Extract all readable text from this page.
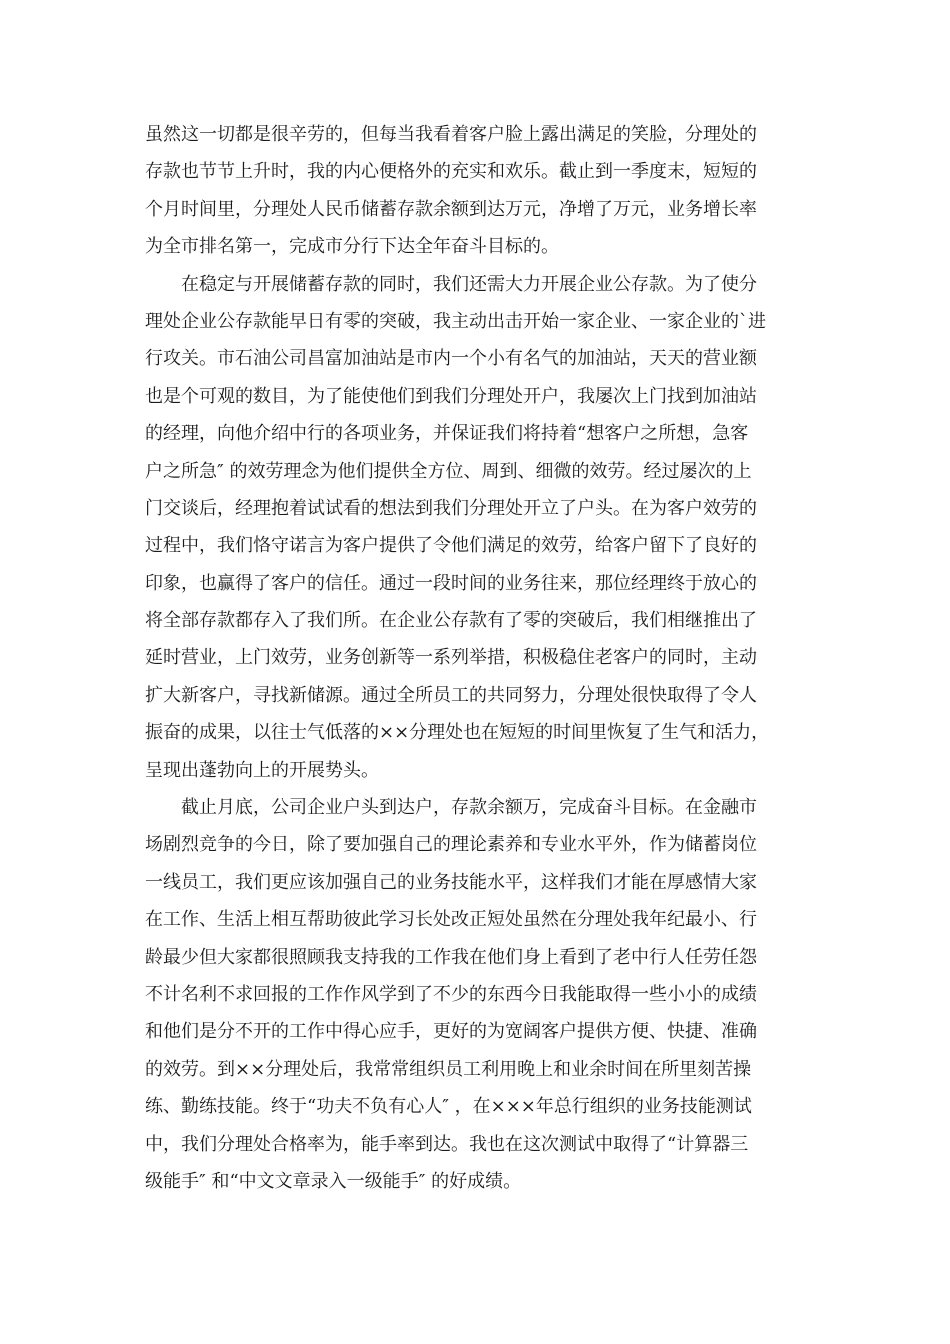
虽然这一切都是很辛劳的，但每当我看着客户脸上露出满足的笑脸，分理处的
存款也节节上升时，我的内心便格外的充实和欢乐。截止到一季度末，短短的
个月时间里，分理处人民币储蓄存款余额到达万元，净增了万元，业务增长率
为全市排名第一，完成市分行下达全年奋斗目标的。
在稳定与开展储蓄存款的同时，我们还需大力开展企业公存款。为了使分
理处企业公存款能早日有零的突破，我主动出击开始一家企业、一家企业的`进
行攻关。市石油公司昌富加油站是市内一个小有名气的加油站，天天的营业额
也是个可观的数目，为了能使他们到我们分理处开户，我屡次上门找到加油站
的经理，向他介绍中行的各项业务，并保证我们将持着“想客户之所想，急客
户之所急″ 的效劳理念为他们提供全方位、周到、细微的效劳。经过屡次的上
门交谈后，经理抱着试试看的想法到我们分理处开立了户头。在为客户效劳的
过程中，我们恪守诺言为客户提供了令他们满足的效劳，给客户留下了良好的
印象，也赢得了客户的信任。通过一段时间的业务往来，那位经理终于放心的
将全部存款都存入了我们所。在企业公存款有了零的突破后，我们相继推出了
延时营业，上门效劳，业务创新等一系列举措，积极稳住老客户的同时，主动
扩大新客户，寻找新储源。通过全所员工的共同努力，分理处很快取得了令人
振奋的成果，以往士气低落的××分理处也在短短的时间里恢复了生气和活力，
呈现出蓬勃向上的开展势头。
截止月底，公司企业户头到达户，存款余额万，完成奋斗目标。在金融市
场剧烈竞争的今日，除了要加强自己的理论素养和专业水平外，作为储蓄岗位
一线员工，我们更应该加强自己的业务技能水平，这样我们才能在厚感情大家
在工作、生活上相互帮助彼此学习长处改正短处虽然在分理处我年纪最小、行
龄最少但大家都很照顾我支持我的工作我在他们身上看到了老中行人任劳任怨
不计名利不求回报的工作作风学到了不少的东西今日我能取得一些小小的成绩
和他们是分不开的工作中得心应手，更好的为宽阔客户提供方便、快捷、准确
的效劳。到××分理处后，我常常组织员工利用晚上和业余时间在所里刻苦操
练、勤练技能。终于“功夫不负有心人″ ，在×××年总行组织的业务技能测试
中，我们分理处合格率为，能手率到达。我也在这次测试中取得了“计算器三
级能手″ 和“中文文章录入一级能手″ 的好成绩。
